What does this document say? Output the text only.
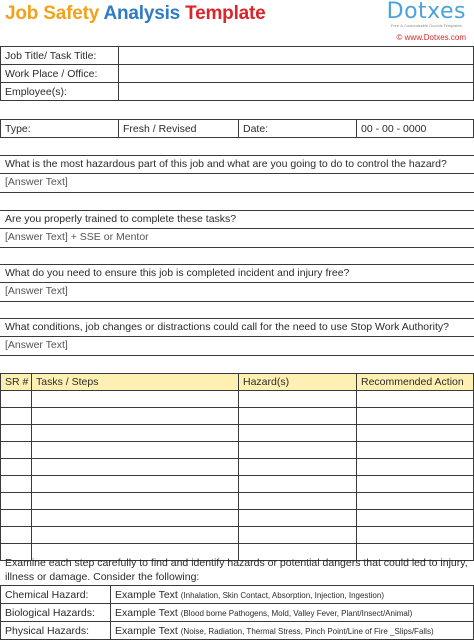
Job Safety Analysis Template	Dotxes
Free & Customizable Doc/xls Templates
© www.Dotxes.com
Job Title/ Task Title:	
Work Place / Office:	
Employee(s):	
Type:	Fresh / Revised	Date:	00 - 00 - 0000
What is the most hazardous part of this job and what are you going to do to control the hazard?
[Answer Text]
Are you properly trained to complete these tasks?
[Answer Text] + SSE or Mentor
What do you need to ensure this job is completed incident and injury free?
[Answer Text]
What conditions, job changes or distractions could call for the need to use Stop Work Authority?
[Answer Text]
SR #	Tasks / Steps	Hazard(s)	Recommended Action

Examine each step carefully to find and identify hazards or potential dangers that could led to injury, illness or damage. Consider the following:
Chemical Hazard:	Example Text (Inhalation, Skin Contact, Absorption, Injection, Ingestion)
Biological Hazards:	Example Text (Blood borne Pathogens, Mold, Valley Fever, Plant/Insect/Animal)
Physical Hazards:	Example Text (Noise, Radiation, Thermal Stress, Pinch Point/Line of Fire _Slips/Falls)
